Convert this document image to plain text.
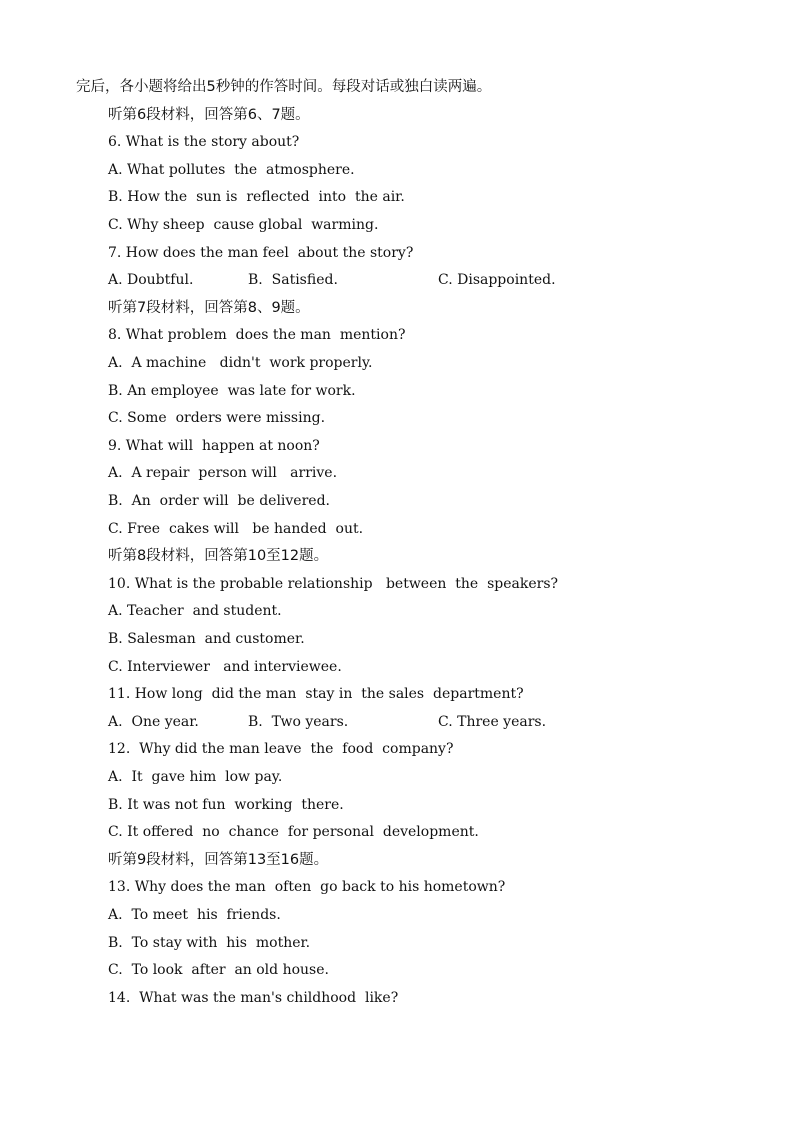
完后，各小题将给出5秒钟的作答时间。每段对话或独白读两遍。
听第6段材料，回答第6、7题。
6. What is the story about?
A. What pollutes  the  atmosphere.
B. How the  sun is  reflected  into  the air.
C. Why sheep  cause global  warming.
7. How does the man feel  about the story?
A. Doubtful.	B.  Satisfied.	C. Disappointed.
听第7段材料，回答第8、9题。
8. What problem  does the man  mention?
A.  A machine   didn't  work properly.
B. An employee  was late for work.
C. Some  orders were missing.
9. What will  happen at noon?
A.  A repair  person will   arrive.
B.  An  order will  be delivered.
C. Free  cakes will   be handed  out.
听第8段材料，回答第10至12题。
10. What is the probable relationship   between  the  speakers?
A. Teacher  and student.
B. Salesman  and customer.
C. Interviewer   and interviewee.
11. How long  did the man  stay in  the sales  department?
A.  One year.	B.  Two years.	C. Three years.
12.  Why did the man leave  the  food  company?
A.  It  gave him  low pay.
B. It was not fun  working  there.
C. It offered  no  chance  for personal  development.
听第9段材料，回答第13至16题。
13. Why does the man  often  go back to his hometown?
A.  To meet  his  friends.
B.  To stay with  his  mother.
C.  To look  after  an old house.
14.  What was the man's childhood  like?
